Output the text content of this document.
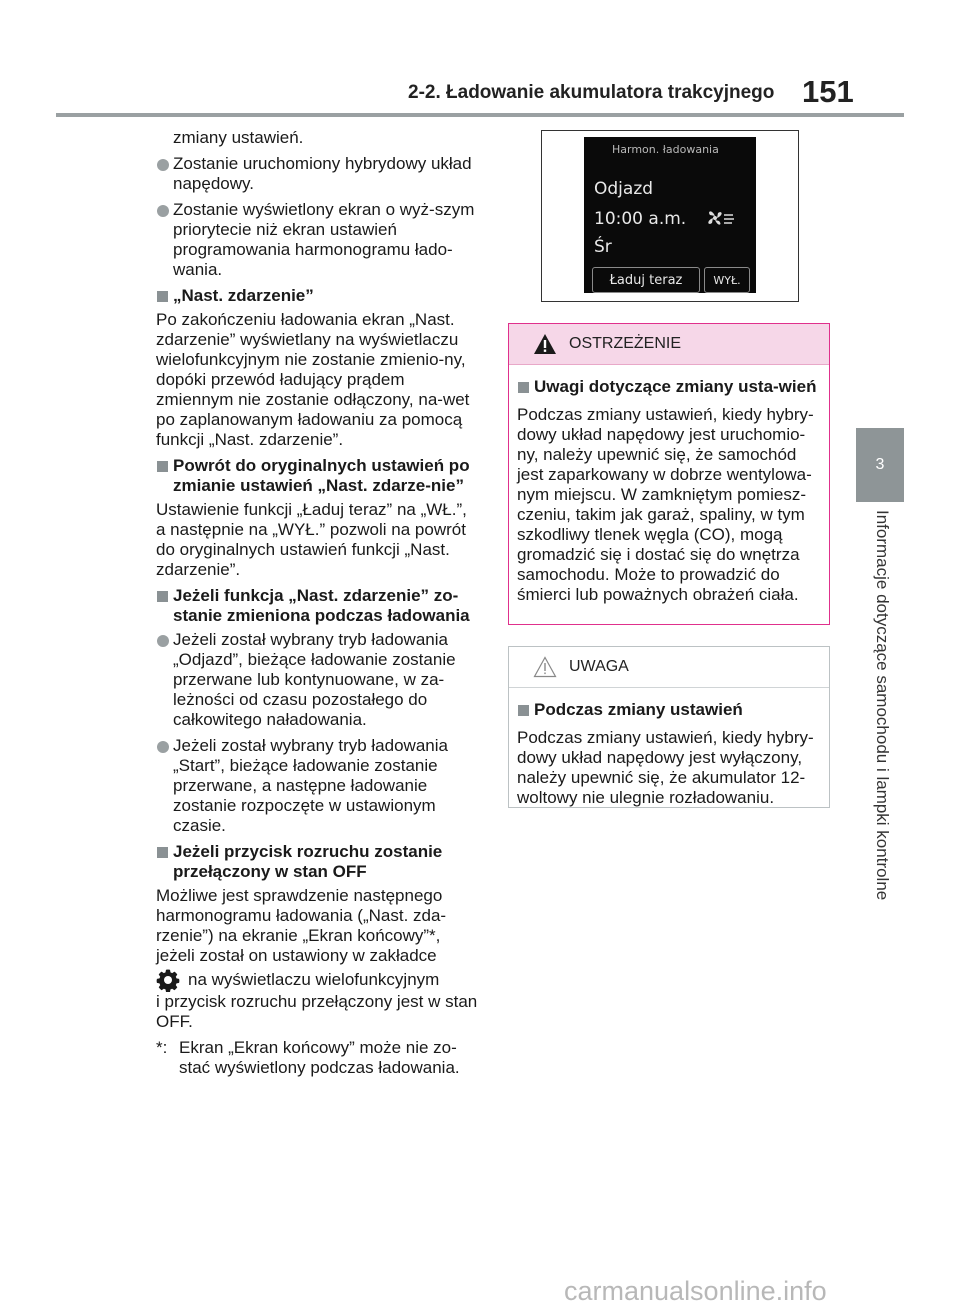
2-2. Ładowanie akumulatora trakcyjnego 151
3
Informacje dotyczące samochodu i lampki kontrolne

zmiany ustawień.

Zostanie uruchomiony hybrydowy układ napędowy.
Zostanie wyświetlony ekran o wyż-szym priorytecie niż ekran ustawień programowania harmonogramu łado-wania.
„Nast. zdarzenie”

Po zakończeniu ładowania ekran „Nast. zdarzenie” wyświetlany na wyświetlaczu wielofunkcyjnym nie zostanie zmienio-ny, dopóki przewód ładujący prądem zmiennym nie zostanie odłączony, na-wet po zaplanowanym ładowaniu za pomocą funkcji „Nast. zdarzenie”.

Powrót do oryginalnych ustawień po zmianie ustawień „Nast. zdarze-nie”

Ustawienie funkcji „Ładuj teraz” na „WŁ.”, a następnie na „WYŁ.” pozwoli na powrót do oryginalnych ustawień funkcji „Nast. zdarzenie”.

Jeżeli funkcja „Nast. zdarzenie” zo-stanie zmieniona podczas ładowania
Jeżeli został wybrany tryb ładowania „Odjazd”, bieżące ładowanie zostanie przerwane lub kontynuowane, w za-leżności od czasu pozostałego do całkowitego naładowania.
Jeżeli został wybrany tryb ładowania „Start”, bieżące ładowanie zostanie przerwane, a następne ładowanie zostanie rozpoczęte w ustawionym czasie.
Jeżeli przycisk rozruchu zostanie przełączony w stan OFF

Możliwe jest sprawdzenie następnego harmonogramu ładowania („Nast. zda-rzenie”) na ekranie „Ekran końcowy”*, jeżeli został on ustawiony w zakładce

na wyświetlaczu wielofunkcyjnym

i przycisk rozruchu przełączony jest w stan OFF.

*: Ekran „Ekran końcowy” może nie zo-stać wyświetlony podczas ładowania.
Harmon. ładowania
Odjazd
10:00 a.m.
Śr
Ładuj teraz	WYŁ.
OSTRZEŻENIE
Uwagi dotyczące zmiany usta-wień

Podczas zmiany ustawień, kiedy hybry-dowy układ napędowy jest uruchomio-ny, należy upewnić się, że samochód jest zaparkowany w dobrze wentylowa-nym miejscu. W zamkniętym pomiesz-czeniu, takim jak garaż, spaliny, w tym szkodliwy tlenek węgla (CO), mogą gromadzić się i dostać się do wnętrza samochodu. Może to prowadzić do śmierci lub poważnych obrażeń ciała.

UWAGA
Podczas zmiany ustawień

Podczas zmiany ustawień, kiedy hybry-dowy układ napędowy jest wyłączony, należy upewnić się, że akumulator 12-woltowy nie ulegnie rozładowaniu.

carmanualsonline.info
